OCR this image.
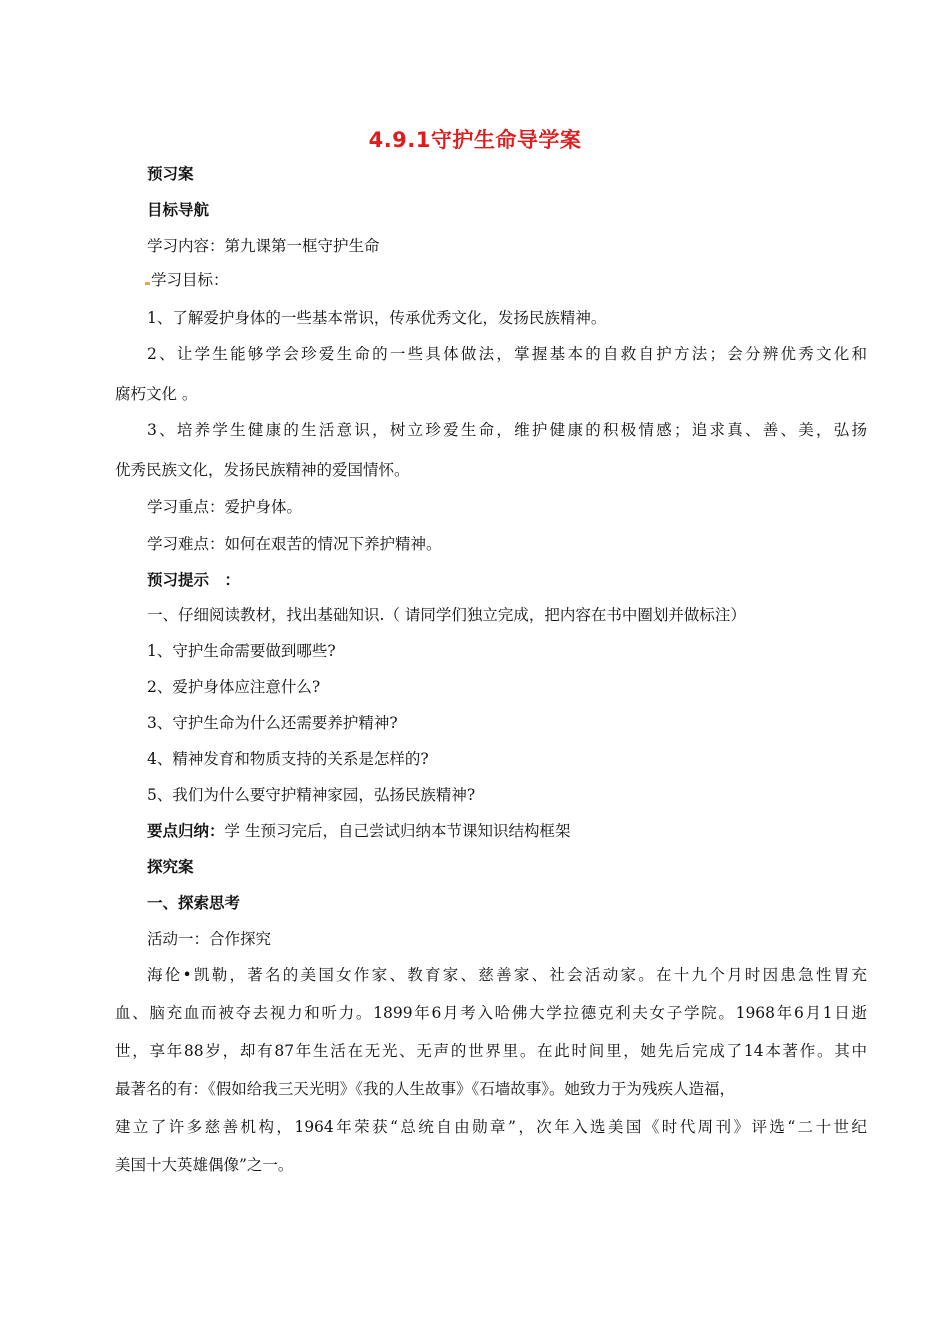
4.9.1守护生命导学案
预习案
目标导航
学习内容：第九课第一框守护生命
学习目标：
1、了解爱护身体的一些基本常识，传承优秀文化，发扬民族精神。
2、让学生能够学会珍爱生命的一些具体做法，掌握基本的自救自护方法；会分辨优秀文化和
腐朽文化 。
3、培养学生健康的生活意识，树立珍爱生命，维护健康的积极情感；追求真、善、美，弘扬
优秀民族文化，发扬民族精神的爱国情怀。
学习重点：爱护身体。
学习难点：如何在艰苦的情况下养护精神。
预习提示　：
一、仔细阅读教材，找出基础知识.（ 请同学们独立完成，把内容在书中圈划并做标注）
1、守护生命需要做到哪些?
2、爱护身体应注意什么?
3、守护生命为什么还需要养护精神?
4、精神发育和物质支持的关系是怎样的?
5、我们为什么要守护精神家园，弘扬民族精神?
要点归纳：学 生预习完后，自己尝试归纳本节课知识结构框架
探究案
一、探索思考
活动一：合作探究
海伦•凯勒，著名的美国女作家、教育家、慈善家、社会活动家。在十九个月时因患急性胃充
血、脑充血而被夺去视力和听力。1899年6月考入哈佛大学拉德克利夫女子学院。1968年6月1日逝
世，享年88岁，却有87年生活在无光、无声的世界里。在此时间里，她先后完成了14本著作。其中
最著名的有：《假如给我三天光明》《我的人生故事》《石墙故事》。她致力于为残疾人造福，
建立了许多慈善机构，1964年荣获“总统自由勋章”，次年入选美国《时代周刊》评选“二十世纪
美国十大英雄偶像”之一。
